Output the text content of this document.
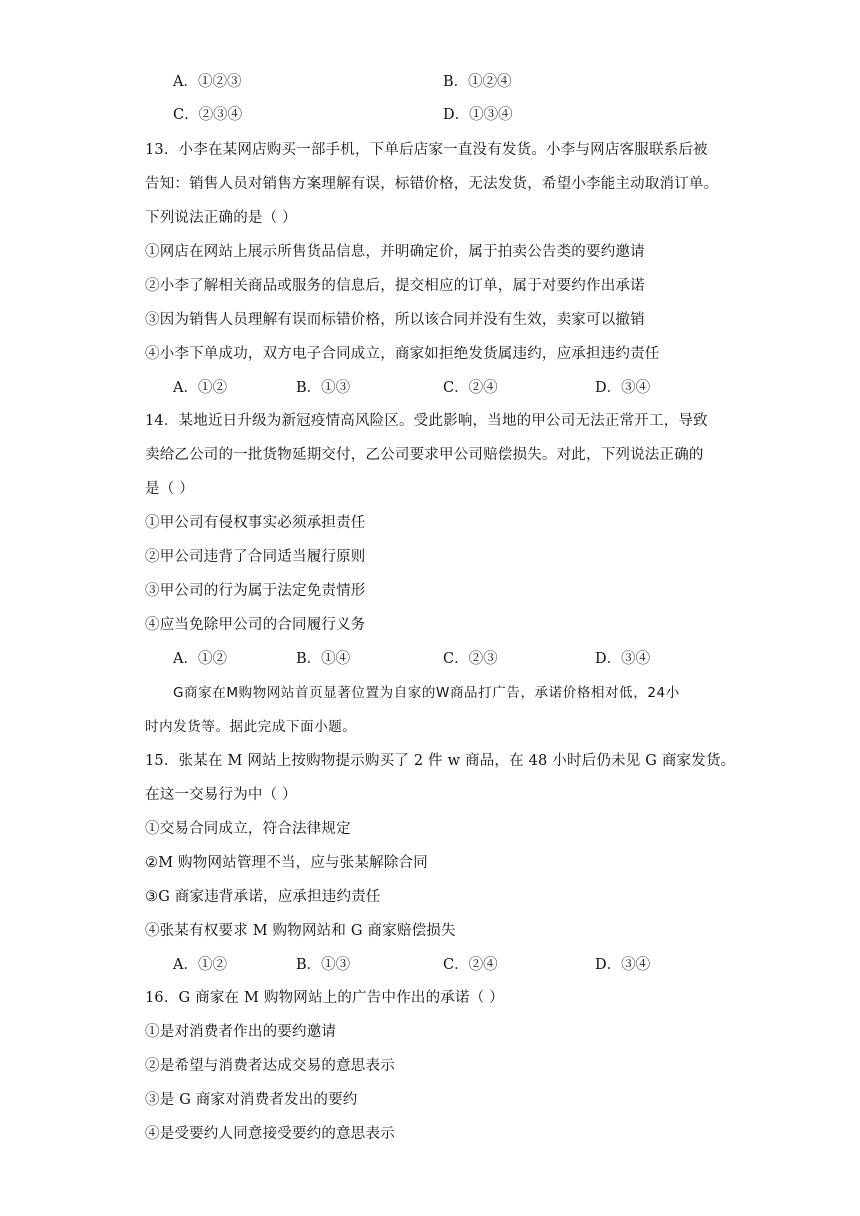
A．①②③	B．①②④
C．②③④	D．①③④
13．小李在某网店购买一部手机，下单后店家一直没有发货。小李与网店客服联系后被
告知：销售人员对销售方案理解有误，标错价格，无法发货，希望小李能主动取消订单。
下列说法正确的是（ ）
①网店在网站上展示所售货品信息，并明确定价，属于拍卖公告类的要约邀请
②小李了解相关商品或服务的信息后，提交相应的订单，属于对要约作出承诺
③因为销售人员理解有误而标错价格，所以该合同并没有生效，卖家可以撤销
④小李下单成功，双方电子合同成立，商家如拒绝发货属违约，应承担违约责任
A．①②	B．①③	C．②④	D．③④
14．某地近日升级为新冠疫情高风险区。受此影响，当地的甲公司无法正常开工，导致
卖给乙公司的一批货物延期交付，乙公司要求甲公司赔偿损失。对此，下列说法正确的
是（ ）
①甲公司有侵权事实必须承担责任
②甲公司违背了合同适当履行原则
③甲公司的行为属于法定免责情形
④应当免除甲公司的合同履行义务
A．①②	B．①④	C．②③	D．③④
G商家在M购物网站首页显著位置为自家的W商品打广告，承诺价格相对低，24小
时内发货等。据此完成下面小题。
15．张某在 M 网站上按购物提示购买了 2 件 w 商品，在 48 小时后仍未见 G 商家发货。
在这一交易行为中（ ）
①交易合同成立，符合法律规定
②M 购物网站管理不当，应与张某解除合同
③G 商家违背承诺，应承担违约责任
④张某有权要求 M 购物网站和 G 商家赔偿损失
A．①②	B．①③	C．②④	D．③④
16．G 商家在 M 购物网站上的广告中作出的承诺（ ）
①是对消费者作出的要约邀请
②是希望与消费者达成交易的意思表示
③是 G 商家对消费者发出的要约
④是受要约人同意接受要约的意思表示
